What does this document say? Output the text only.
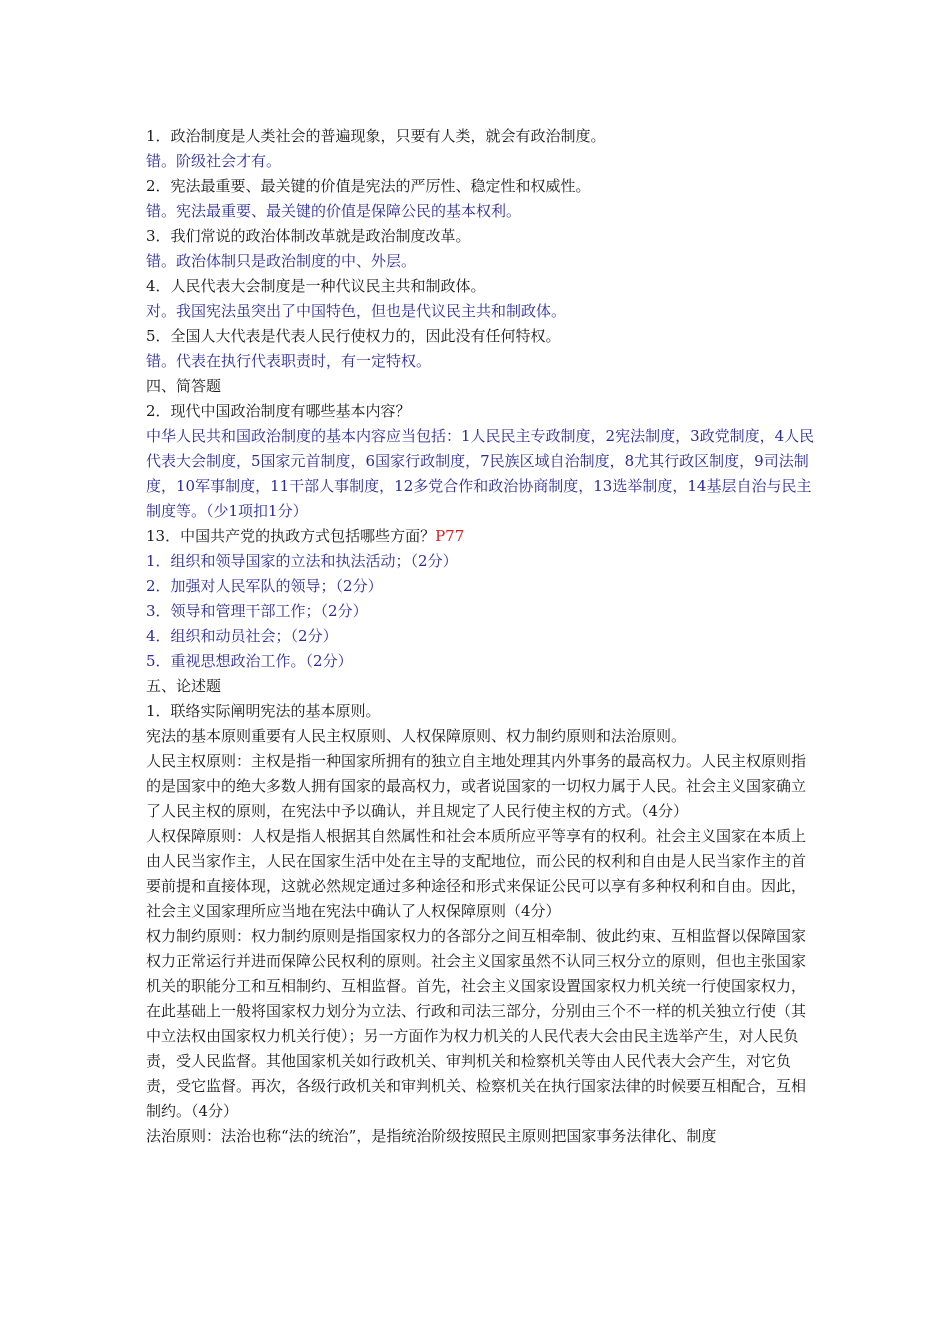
1．政治制度是人类社会的普遍现象，只要有人类，就会有政治制度。

错。阶级社会才有。

2．宪法最重要、最关键的价值是宪法的严厉性、稳定性和权威性。

错。宪法最重要、最关键的价值是保障公民的基本权利。

3．我们常说的政治体制改革就是政治制度改革。

错。政治体制只是政治制度的中、外层。

4．人民代表大会制度是一种代议民主共和制政体。

对。我国宪法虽突出了中国特色，但也是代议民主共和制政体。

5．全国人大代表是代表人民行使权力的，因此没有任何特权。

错。代表在执行代表职责时，有一定特权。

四、简答题

2．现代中国政治制度有哪些基本内容？

中华人民共和国政治制度的基本内容应当包括：1人民民主专政制度，2宪法制度，3政党制度，4人民代表大会制度，5国家元首制度，6国家行政制度，7民族区域自治制度，8尤其行政区制度，9司法制度，10军事制度，11干部人事制度，12多党合作和政治协商制度，13选举制度，14基层自治与民主制度等。（少1项扣1分）

13．中国共产党的执政方式包括哪些方面？P77

1．组织和领导国家的立法和执法活动；（2分）

2．加强对人民军队的领导；（2分）

3．领导和管理干部工作；（2分）

4．组织和动员社会；（2分）

5．重视思想政治工作。（2分）

五、论述题

1．联络实际阐明宪法的基本原则。

宪法的基本原则重要有人民主权原则、人权保障原则、权力制约原则和法治原则。

人民主权原则：主权是指一种国家所拥有的独立自主地处理其内外事务的最高权力。人民主权原则指的是国家中的绝大多数人拥有国家的最高权力，或者说国家的一切权力属于人民。社会主义国家确立了人民主权的原则，在宪法中予以确认，并且规定了人民行使主权的方式。（4分）

人权保障原则：人权是指人根据其自然属性和社会本质所应平等享有的权利。社会主义国家在本质上由人民当家作主，人民在国家生活中处在主导的支配地位，而公民的权利和自由是人民当家作主的首要前提和直接体现，这就必然规定通过多种途径和形式来保证公民可以享有多种权利和自由。因此，社会主义国家理所应当地在宪法中确认了人权保障原则（4分）

权力制约原则：权力制约原则是指国家权力的各部分之间互相牵制、彼此约束、互相监督以保障国家权力正常运行并进而保障公民权利的原则。社会主义国家虽然不认同三权分立的原则，但也主张国家机关的职能分工和互相制约、互相监督。首先，社会主义国家设置国家权力机关统一行使国家权力，在此基础上一般将国家权力划分为立法、行政和司法三部分，分别由三个不一样的机关独立行使（其中立法权由国家权力机关行使）；另一方面作为权力机关的人民代表大会由民主选举产生，对人民负责，受人民监督。其他国家机关如行政机关、审判机关和检察机关等由人民代表大会产生，对它负责，受它监督。再次，各级行政机关和审判机关、检察机关在执行国家法律的时候要互相配合，互相制约。（4分）

法治原则：法治也称“法的统治”，是指统治阶级按照民主原则把国家事务法律化、制度
